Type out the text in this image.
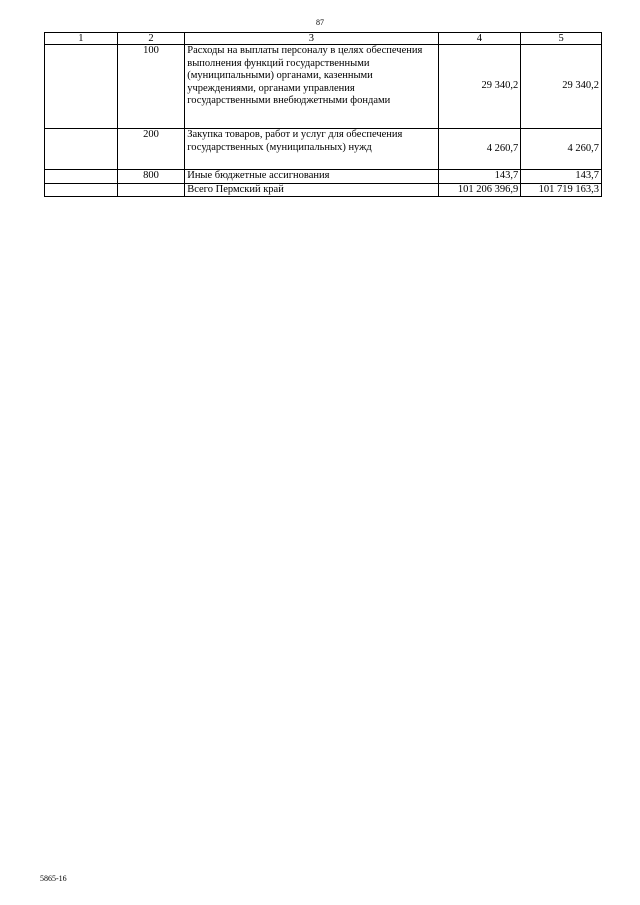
87
1	2	3	4	5
	100	Расходы на выплаты персоналу в целях обеспечения выполнения функций государственными (муниципальными) органами, казенными учреждениями, органами управления государственными внебюджетными фондами	29 340,2	29 340,2
	200	Закупка товаров, работ и услуг для обеспечения государственных (муниципальных) нужд	4 260,7	4 260,7
	800	Иные бюджетные ассигнования	143,7	143,7
		Всего Пермский край	101 206 396,9	101 719 163,3
5865-16
